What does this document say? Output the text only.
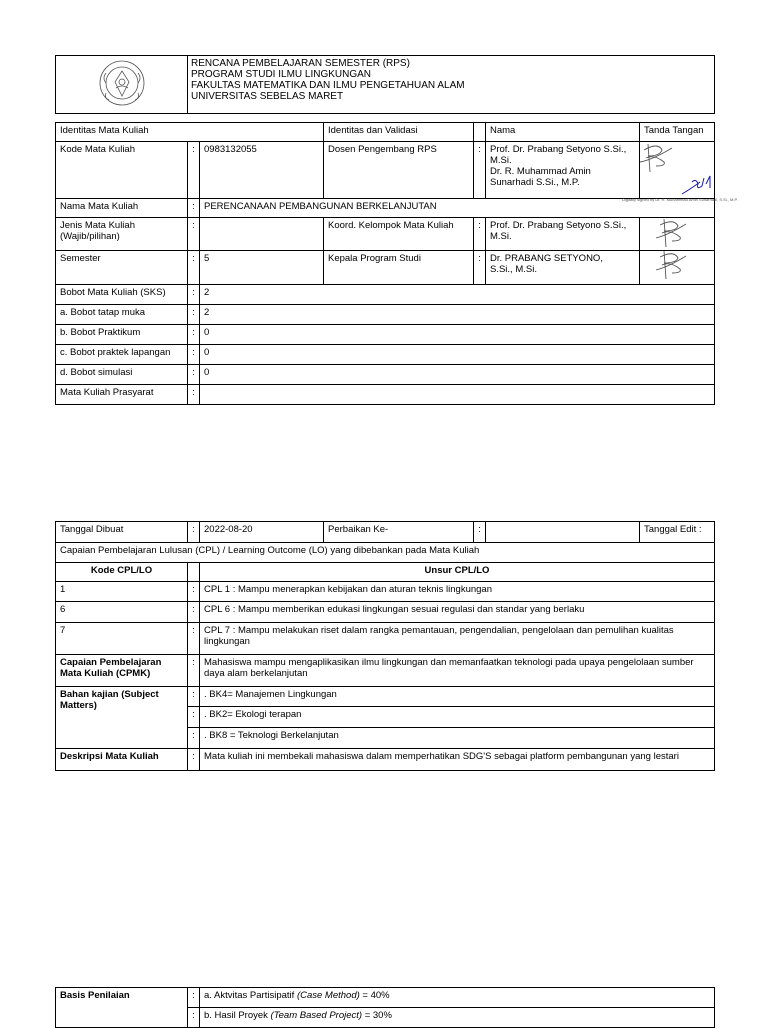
RENCANA PEMBELAJARAN SEMESTER (RPS)
PROGRAM STUDI ILMU LINGKUNGAN
FAKULTAS MATEMATIKA DAN ILMU PENGETAHUAN ALAM
UNIVERSITAS SEBELAS MARET
Identitas Mata Kuliah			Identitas dan Validasi		Nama	Tanda Tangan
Kode Mata Kuliah	:	0983132055	Dosen Pengembang RPS	:	Prof. Dr. Prabang Setyono S.Si., M.Si.
Dr. R. Muhammad Amin Sunarhadi S.Si., M.P.	

Nama Mata Kuliah	:	PERENCANAAN PEMBANGUNAN BERKELANJUTAN				

Jenis Mata Kuliah
(Wajib/pilihan)	:		Koord. Kelompok Mata Kuliah	:	Prof. Dr. Prabang Setyono S.Si., M.Si.	
Semester	:	5	Kepala Program Studi	:	Dr. PRABANG SETYONO,
S.Si., M.Si.	

Bobot Mata Kuliah (SKS)	:	2				
a. Bobot tatap muka	:	2				
b. Bobot Praktikum	:	0				
c. Bobot praktek lapangan	:	0				
d. Bobot simulasi	:	0				
Mata Kuliah Prasyarat	:					
Digitally signed by Dr. R. Muhammad Amin Sunarhadi, S.Si., M.P.
Tanggal Dibuat	:	2022-08-20	Perbaikan Ke-	:		Tanggal Edit :
Capaian Pembelajaran Lulusan (CPL) / Learning Outcome (LO) yang dibebankan pada Mata Kuliah						
Kode CPL/LO		Unsur CPL/LO				
1	:	CPL 1 : Mampu menerapkan kebijakan dan aturan teknis lingkungan				
6	:	CPL 6 : Mampu memberikan edukasi lingkungan sesuai regulasi dan standar yang berlaku				
7	:	CPL 7 : Mampu melakukan riset dalam rangka pemantauan, pengendalian, pengelolaan dan pemulihan kualitas lingkungan				
Capaian Pembelajaran Mata Kuliah (CPMK)	:	Mahasiswa mampu mengaplikasikan ilmu lingkungan dan memanfaatkan teknologi pada upaya pengelolaan sumber daya alam berkelanjutan				
Bahan kajian (Subject Matters)	:	. BK4= Manajemen Lingkungan				
	:	. BK2= Ekologi terapan				
	:	. BK8 = Teknologi Berkelanjutan				
Deskripsi Mata Kuliah	:	Mata kuliah ini membekali mahasiswa dalam memperhatikan SDG'S sebagai platform pembangunan yang lestari				
Basis Penilaian	:	a. Aktvitas Partisipatif (Case Method) = 40%
	:	b. Hasil Proyek (Team Based Project) = 30%
